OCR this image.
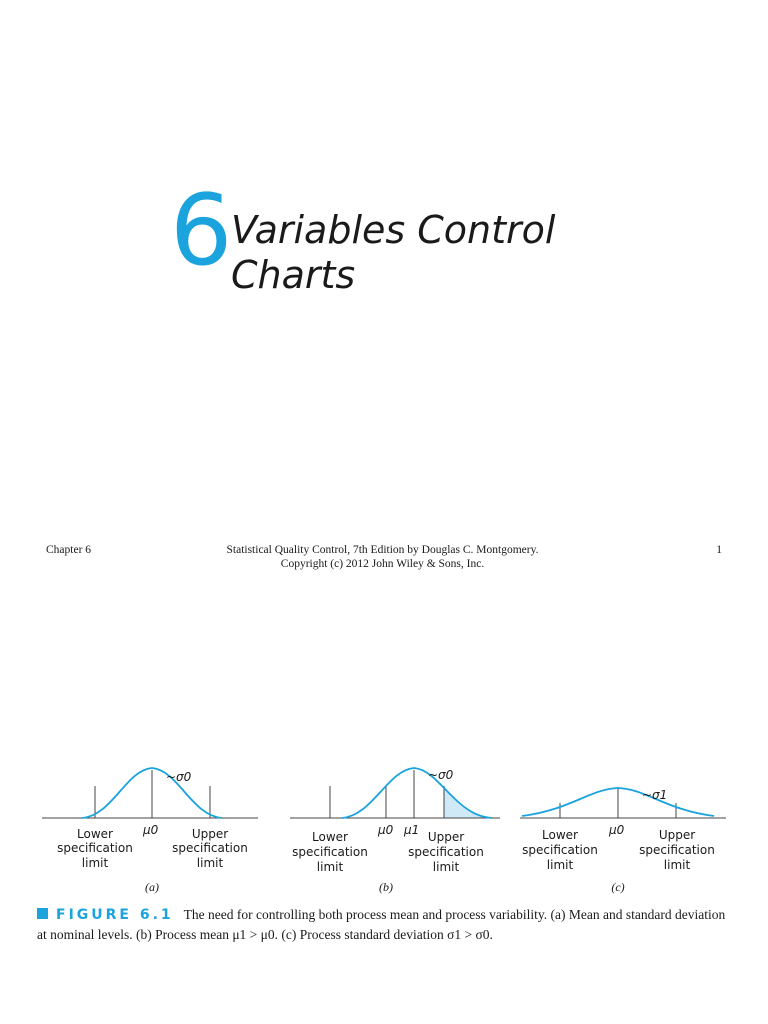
6
Variables Control
Charts
Chapter 6	Statistical Quality Control, 7th Edition by Douglas C. Montgomery.
Copyright (c) 2012 John Wiley & Sons, Inc.
1
~σ0
μ0
Lower
specification
limit
Upper
specification
limit
(a)
~σ0
μ0 μ1
Lower
specification
limit
Upper
specification
limit
(b)
~σ1
μ0
Lower
specification
limit
Upper
specification
limit
(c)
FIGURE 6.1 The need for controlling both process mean and process variability. (a) Mean and standard deviation at nominal levels. (b) Process mean μ1 > μ0. (c) Process standard deviation σ1 > σ0.
